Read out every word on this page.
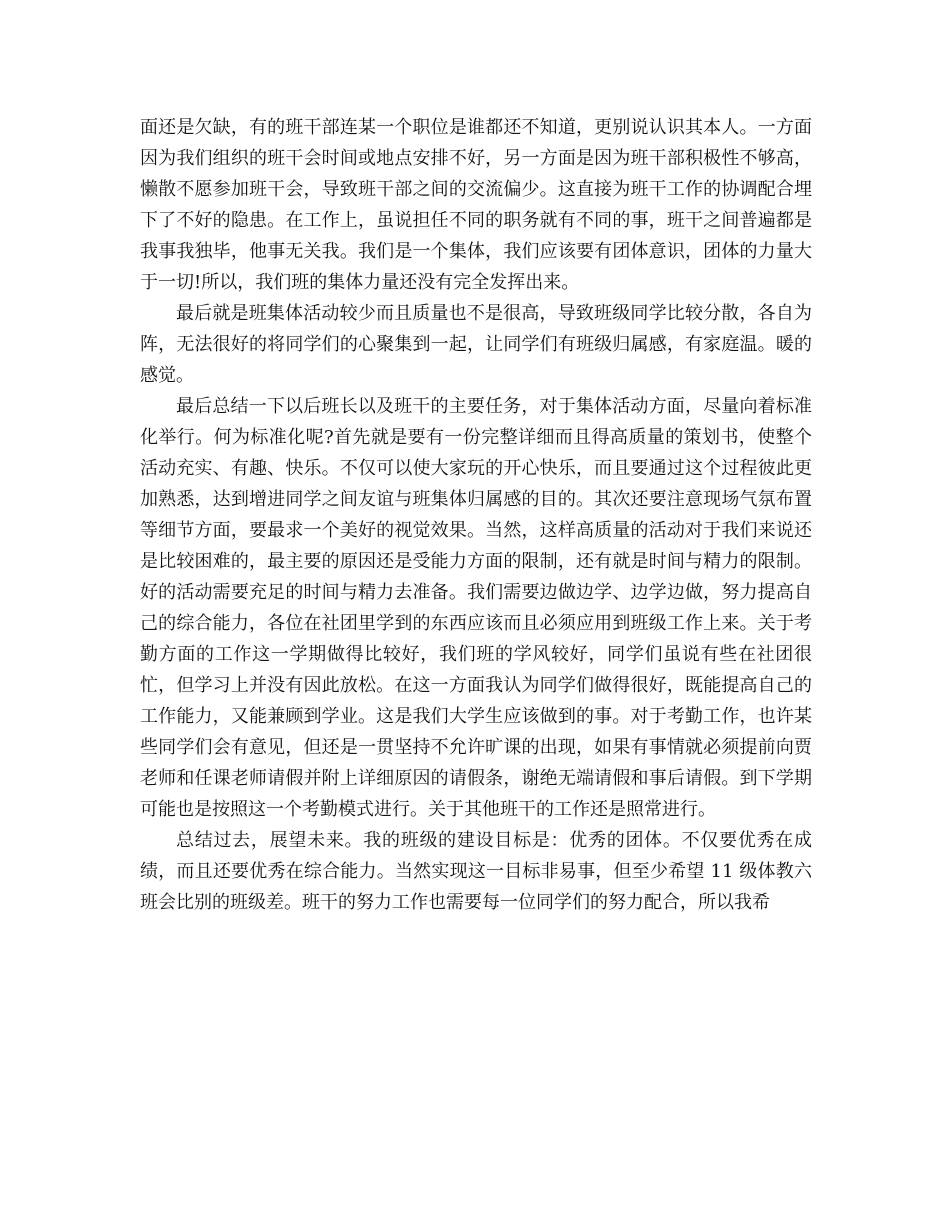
面还是欠缺，有的班干部连某一个职位是谁都还不知道，更别说认识其本人。一方面因为我们组织的班干会时间或地点安排不好，另一方面是因为班干部积极性不够高，懒散不愿参加班干会，导致班干部之间的交流偏少。这直接为班干工作的协调配合埋下了不好的隐患。在工作上，虽说担任不同的职务就有不同的事，班干之间普遍都是我事我独毕，他事无关我。我们是一个集体，我们应该要有团体意识，团体的力量大于一切!所以，我们班的集体力量还没有完全发挥出来。

最后就是班集体活动较少而且质量也不是很高，导致班级同学比较分散，各自为阵，无法很好的将同学们的心聚集到一起，让同学们有班级归属感，有家庭温。暖的感觉。

最后总结一下以后班长以及班干的主要任务，对于集体活动方面，尽量向着标准化举行。何为标准化呢?首先就是要有一份完整详细而且得高质量的策划书，使整个活动充实、有趣、快乐。不仅可以使大家玩的开心快乐，而且要通过这个过程彼此更加熟悉，达到增进同学之间友谊与班集体归属感的目的。其次还要注意现场气氛布置等细节方面，要最求一个美好的视觉效果。当然，这样高质量的活动对于我们来说还是比较困难的，最主要的原因还是受能力方面的限制，还有就是时间与精力的限制。好的活动需要充足的时间与精力去准备。我们需要边做边学、边学边做，努力提高自己的综合能力，各位在社团里学到的东西应该而且必须应用到班级工作上来。关于考勤方面的工作这一学期做得比较好，我们班的学风较好，同学们虽说有些在社团很忙，但学习上并没有因此放松。在这一方面我认为同学们做得很好，既能提高自己的工作能力，又能兼顾到学业。这是我们大学生应该做到的事。对于考勤工作，也许某些同学们会有意见，但还是一贯坚持不允许旷课的出现，如果有事情就必须提前向贾老师和任课老师请假并附上详细原因的请假条，谢绝无端请假和事后请假。到下学期可能也是按照这一个考勤模式进行。关于其他班干的工作还是照常进行。

总结过去，展望未来。我的班级的建设目标是：优秀的团体。不仅要优秀在成绩，而且还要优秀在综合能力。当然实现这一目标非易事，但至少希望 11 级体教六班会比别的班级差。班干的努力工作也需要每一位同学们的努力配合，所以我希
